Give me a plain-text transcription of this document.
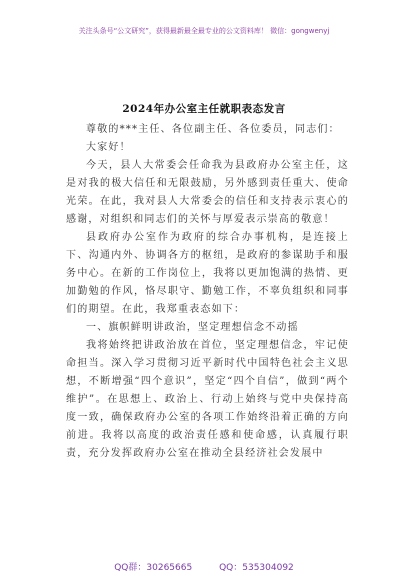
关注头条号“公文研究”，获得最新最全最专业的公文资料库！ 微信：gongwenyj
2024年办公室主任就职表态发言

尊敬的***主任、各位副主任、各位委员，同志们：

大家好！

今天，县人大常委会任命我为县政府办公室主任，这是对我的极大信任和无限鼓励，另外感到责任重大、使命光荣。在此，我对县人大常委会的信任和支持表示衷心的感谢，对组织和同志们的关怀与厚爱表示崇高的敬意！

县政府办公室作为政府的综合办事机构，是连接上下、沟通内外、协调各方的枢纽，是政府的参谋助手和服务中心。在新的工作岗位上，我将以更加饱满的热情、更加勤勉的作风，恪尽职守、勤勉工作，不辜负组织和同事们的期望。在此，我郑重表态如下：

一、旗帜鲜明讲政治，坚定理想信念不动摇

我将始终把讲政治放在首位，坚定理想信念，牢记使命担当。深入学习贯彻习近平新时代中国特色社会主义思想，不断增强“四个意识”，坚定“四个自信”，做到“两个维护”。在思想上、政治上、行动上始终与党中央保持高度一致，确保政府办公室的各项工作始终沿着正确的方向前进。我将以高度的政治责任感和使命感，认真履行职责，充分发挥政府办公室在推动全县经济社会发展中

QQ群：30265665	QQ：535304092
